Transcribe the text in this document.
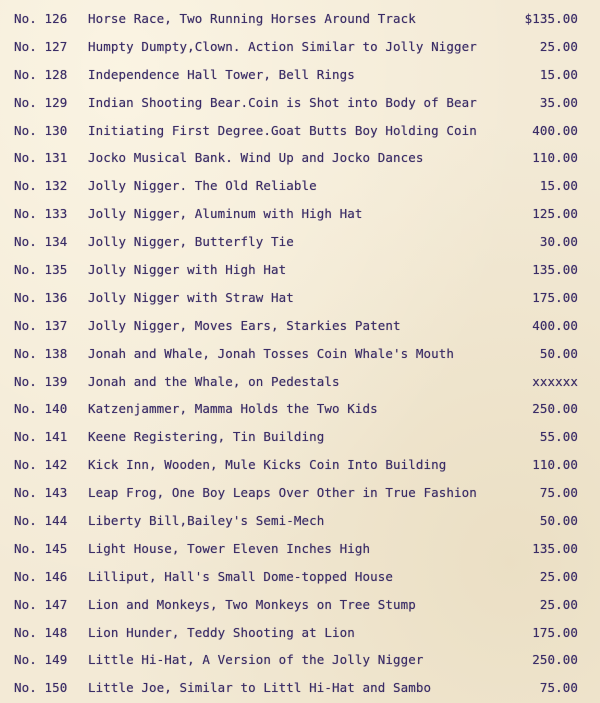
No. 126 Horse Race, Two Running Horses Around Track	$135.00
No. 127 Humpty Dumpty,Clown. Action Similar to Jolly Nigger	25.00
No. 128 Independence Hall Tower, Bell Rings	15.00
No. 129 Indian Shooting Bear.Coin is Shot into Body of Bear	35.00
No. 130 Initiating First Degree.Goat Butts Boy Holding Coin	400.00
No. 131 Jocko Musical Bank. Wind Up and Jocko Dances	110.00
No. 132 Jolly Nigger. The Old Reliable	15.00
No. 133 Jolly Nigger, Aluminum with High Hat	125.00
No. 134 Jolly Nigger, Butterfly Tie	30.00
No. 135 Jolly Nigger with High Hat	135.00
No. 136 Jolly Nigger with Straw Hat	175.00
No. 137 Jolly Nigger, Moves Ears, Starkies Patent	400.00
No. 138 Jonah and Whale, Jonah Tosses Coin Whale's Mouth	50.00
No. 139 Jonah and the Whale, on Pedestals	xxxxxx
No. 140 Katzenjammer, Mamma Holds the Two Kids	250.00
No. 141 Keene Registering, Tin Building	55.00
No. 142 Kick Inn, Wooden, Mule Kicks Coin Into Building	110.00
No. 143 Leap Frog, One Boy Leaps Over Other in True Fashion	75.00
No. 144 Liberty Bill,Bailey's Semi-Mech	50.00
No. 145 Light House, Tower Eleven Inches High	135.00
No. 146 Lilliput, Hall's Small Dome-topped House	25.00
No. 147 Lion and Monkeys, Two Monkeys on Tree Stump	25.00
No. 148 Lion Hunder, Teddy Shooting at Lion	175.00
No. 149 Little Hi-Hat, A Version of the Jolly Nigger	250.00
No. 150 Little Joe, Similar to Littl Hi-Hat and Sambo	75.00
